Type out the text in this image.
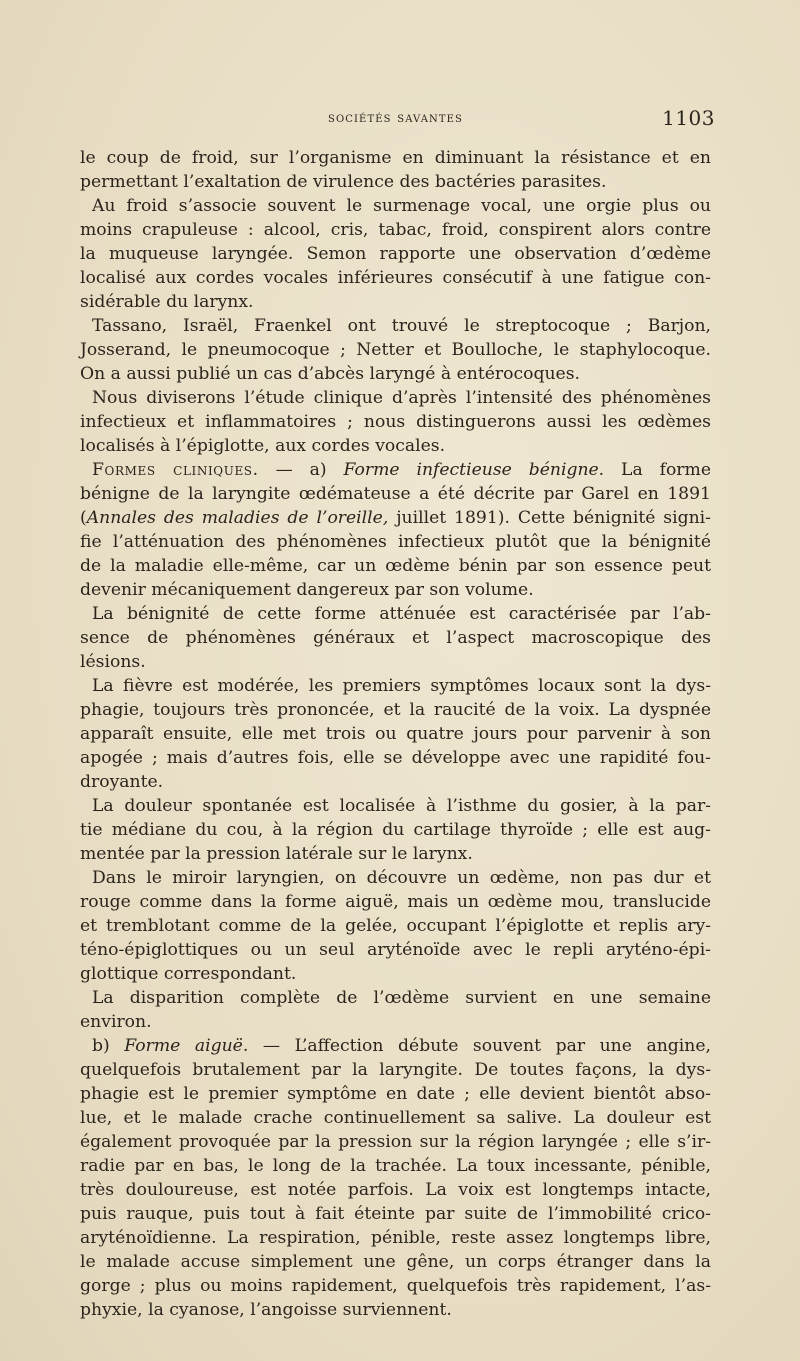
sociétés savantes	1103
le coup de froid, sur l’organisme en diminuant la résistance et en
permettant l’exaltation de virulence des bactéries parasites.
Au froid s’associe souvent le surmenage vocal, une orgie plus ou
moins crapuleuse : alcool, cris, tabac, froid, conspirent alors contre
la muqueuse laryngée. Semon rapporte une observation d’œdème
localisé aux cordes vocales inférieures consécutif à une fatigue con-
sidérable du larynx.
Tassano, Israël, Fraenkel ont trouvé le streptocoque ; Barjon,
Josserand, le pneumocoque ; Netter et Boulloche, le staphylocoque.
On a aussi publié un cas d’abcès laryngé à entérocoques.
Nous diviserons l’étude clinique d’après l’intensité des phénomènes
infectieux et inflammatoires ; nous distinguerons aussi les œdèmes
localisés à l’épiglotte, aux cordes vocales.
Formes cliniques. — a) Forme infectieuse bénigne. La forme
bénigne de la laryngite œdémateuse a été décrite par Garel en 1891
(Annales des maladies de l’oreille, juillet 1891). Cette bénignité signi-
fie l’atténuation des phénomènes infectieux plutôt que la bénignité
de la maladie elle-même, car un œdème bénin par son essence peut
devenir mécaniquement dangereux par son volume.
La bénignité de cette forme atténuée est caractérisée par l’ab-
sence de phénomènes généraux et l’aspect macroscopique des
lésions.
La fièvre est modérée, les premiers symptômes locaux sont la dys-
phagie, toujours très prononcée, et la raucité de la voix. La dyspnée
apparaît ensuite, elle met trois ou quatre jours pour parvenir à son
apogée ; mais d’autres fois, elle se développe avec une rapidité fou-
droyante.
La douleur spontanée est localisée à l’isthme du gosier, à la par-
tie médiane du cou, à la région du cartilage thyroïde ; elle est aug-
mentée par la pression latérale sur le larynx.
Dans le miroir laryngien, on découvre un œdème, non pas dur et
rouge comme dans la forme aiguë, mais un œdème mou, translucide
et tremblotant comme de la gelée, occupant l’épiglotte et replis ary-
téno-épiglottiques ou un seul aryténoïde avec le repli aryténo-épi-
glottique correspondant.
La disparition complète de l’œdème survient en une semaine
environ.
b) Forme aiguë. — L’affection débute souvent par une angine,
quelquefois brutalement par la laryngite. De toutes façons, la dys-
phagie est le premier symptôme en date ; elle devient bientôt abso-
lue, et le malade crache continuellement sa salive. La douleur est
également provoquée par la pression sur la région laryngée ; elle s’ir-
radie par en bas, le long de la trachée. La toux incessante, pénible,
très douloureuse, est notée parfois. La voix est longtemps intacte,
puis rauque, puis tout à fait éteinte par suite de l’immobilité crico-
aryténoïdienne. La respiration, pénible, reste assez longtemps libre,
le malade accuse simplement une gêne, un corps étranger dans la
gorge ; plus ou moins rapidement, quelquefois très rapidement, l’as-
phyxie, la cyanose, l’angoisse surviennent.
